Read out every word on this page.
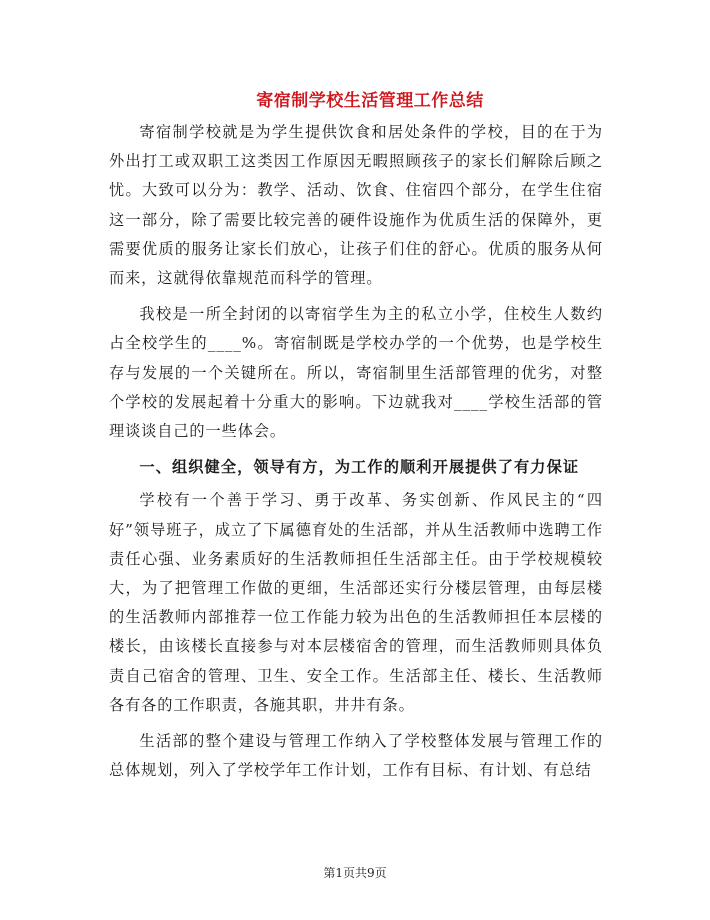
寄宿制学校生活管理工作总结

寄宿制学校就是为学生提供饮食和居处条件的学校，目的在于为外出打工或双职工这类因工作原因无暇照顾孩子的家长们解除后顾之忧。大致可以分为：教学、活动、饮食、住宿四个部分，在学生住宿这一部分，除了需要比较完善的硬件设施作为优质生活的保障外，更需要优质的服务让家长们放心，让孩子们住的舒心。优质的服务从何而来，这就得依靠规范而科学的管理。

我校是一所全封闭的以寄宿学生为主的私立小学，住校生人数约占全校学生的____%。寄宿制既是学校办学的一个优势，也是学校生存与发展的一个关键所在。所以，寄宿制里生活部管理的优劣，对整个学校的发展起着十分重大的影响。下边就我对____学校生活部的管理谈谈自己的一些体会。

一、组织健全，领导有方，为工作的顺利开展提供了有力保证

学校有一个善于学习、勇于改革、务实创新、作风民主的“四好”领导班子，成立了下属德育处的生活部，并从生活教师中选聘工作责任心强、业务素质好的生活教师担任生活部主任。由于学校规模较大，为了把管理工作做的更细，生活部还实行分楼层管理，由每层楼的生活教师内部推荐一位工作能力较为出色的生活教师担任本层楼的楼长，由该楼长直接参与对本层楼宿舍的管理，而生活教师则具体负责自己宿舍的管理、卫生、安全工作。生活部主任、楼长、生活教师各有各的工作职责，各施其职，井井有条。

生活部的整个建设与管理工作纳入了学校整体发展与管理工作的总体规划，列入了学校学年工作计划，工作有目标、有计划、有总结

第1页共9页
